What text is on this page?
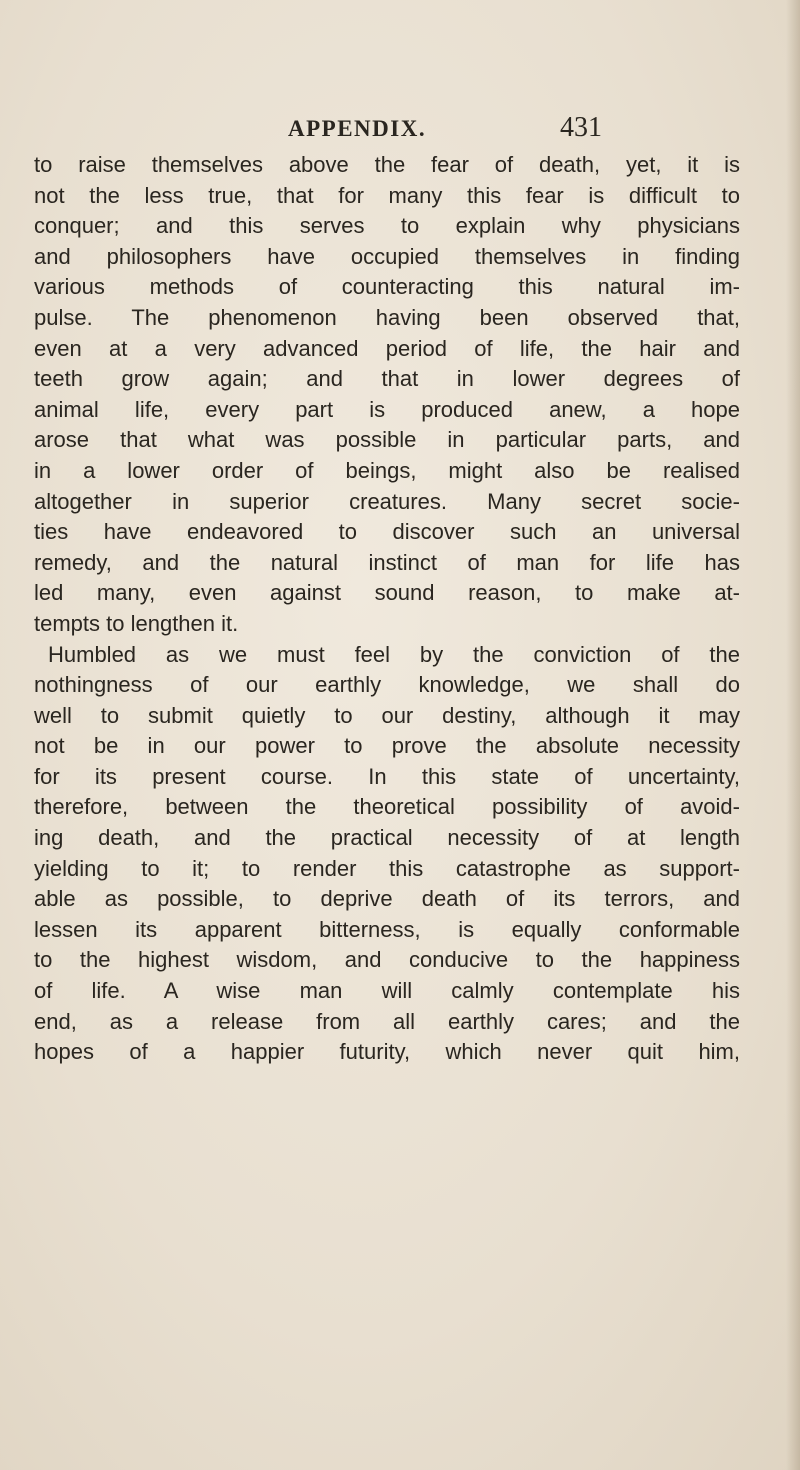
APPENDIX.	431
to raise themselves above the fear of death, yet, it is
not the less true, that for many this fear is difficult to
conquer; and this serves to explain why physicians
and philosophers have occupied themselves in finding
various methods of counteracting this natural im-
pulse. The phenomenon having been observed that,
even at a very advanced period of life, the hair and
teeth grow again; and that in lower degrees of
animal life, every part is produced anew, a hope
arose that what was possible in particular parts, and
in a lower order of beings, might also be realised
altogether in superior creatures. Many secret socie-
ties have endeavored to discover such an universal
remedy, and the natural instinct of man for life has
led many, even against sound reason, to make at-
tempts to lengthen it.
Humbled as we must feel by the conviction of the
nothingness of our earthly knowledge, we shall do
well to submit quietly to our destiny, although it may
not be in our power to prove the absolute necessity
for its present course. In this state of uncertainty,
therefore, between the theoretical possibility of avoid-
ing death, and the practical necessity of at length
yielding to it; to render this catastrophe as support-
able as possible, to deprive death of its terrors, and
lessen its apparent bitterness, is equally conformable
to the highest wisdom, and conducive to the happiness
of life. A wise man will calmly contemplate his
end, as a release from all earthly cares; and the
hopes of a happier futurity, which never quit him,
